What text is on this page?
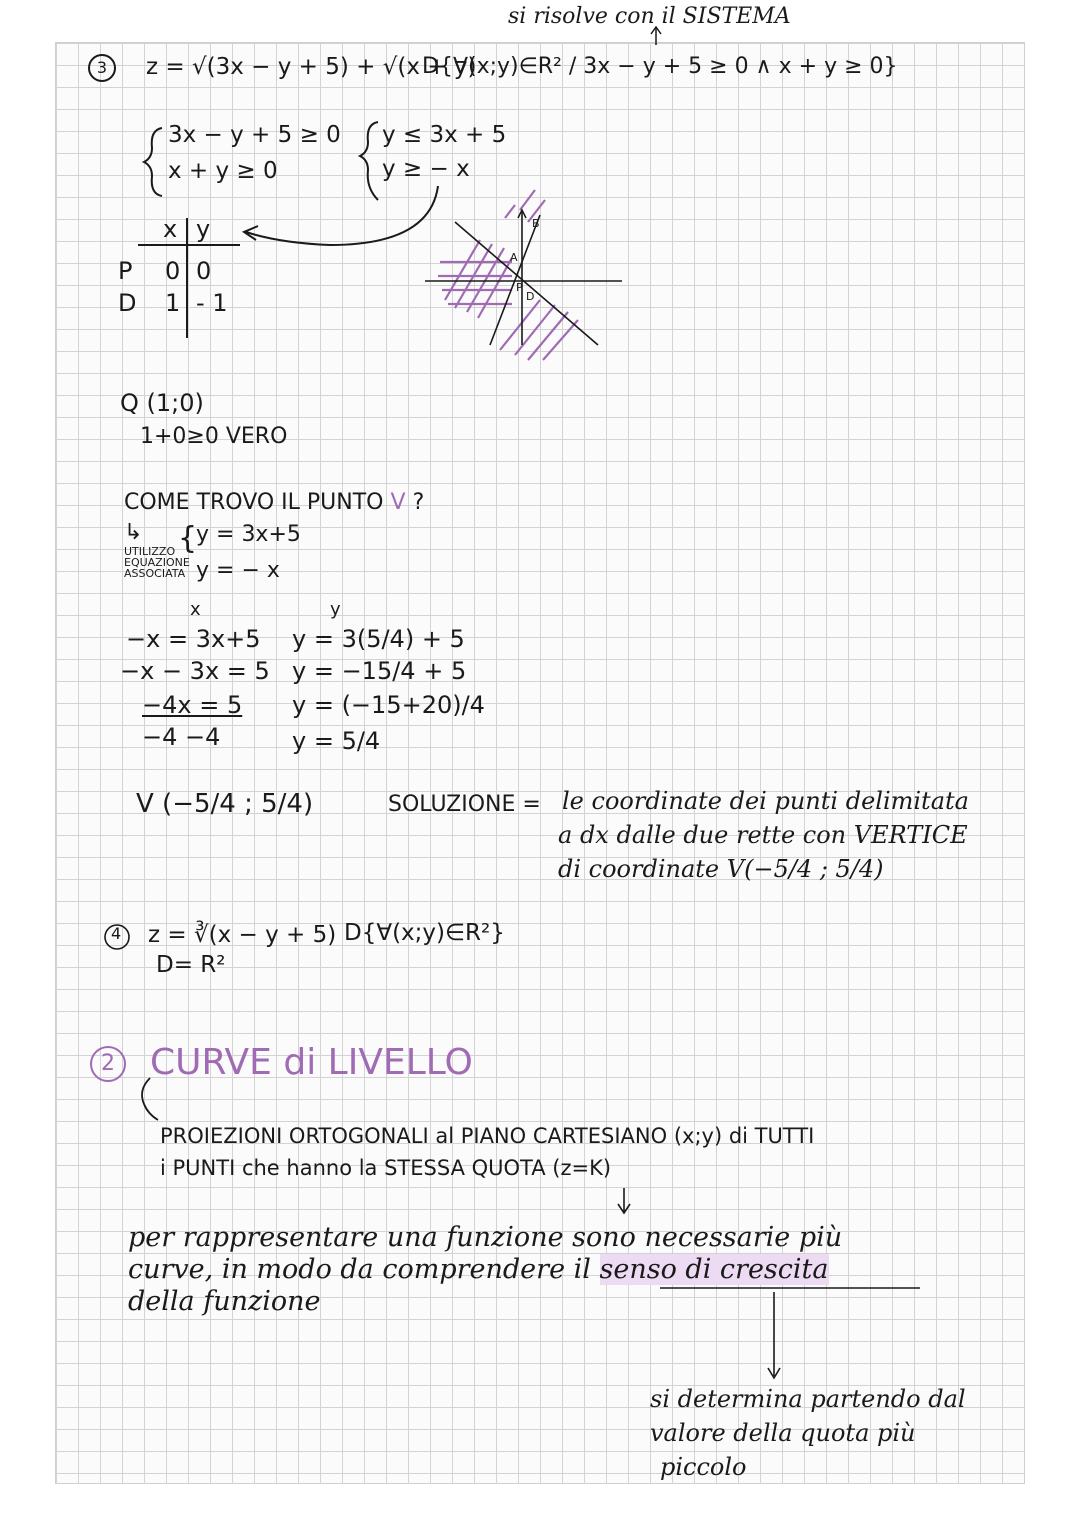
si risolve con il SISTEMA
3	z = √(3x − y + 5) + √(x + y)
D{∀(x;y)∈R² / 3x − y + 5 ≥ 0 ∧ x + y ≥ 0}
3x − y + 5 ≥ 0
x + y ≥ 0
y ≤ 3x + 5
y ≥ − x
x y
P 0 0
D 1 - 1
A
B
P
D
Q (1;0)
1+0≥0 VERO
COME TROVO IL PUNTO V ?
↳
UTILIZZO
EQUAZIONE
ASSOCIATA
{
y = 3x+5
y = − x
x
−x = 3x+5
−x − 3x = 5
−4x = 5
−4 −4
y
y = 3(5/4) + 5
y = −15/4 + 5
y = (−15+20)/4
y = 5/4
V (−5/4 ; 5/4)	SOLUZIONE = le coordinate dei punti delimitata
a dx dalle due rette con VERTICE
di coordinate V(−5/4 ; 5/4)
4 z = ∛(x − y + 5) D{∀(x;y)∈R²}
D= R²
2 CURVE di LIVELLO
PROIEZIONI ORTOGONALI al PIANO CARTESIANO (x;y) di TUTTI
i PUNTI che hanno la STESSA QUOTA (z=K)
per rappresentare una funzione sono necessarie più
curve, in modo da comprendere il senso di crescita
della funzione
si determina partendo dal
valore della quota più
piccolo
